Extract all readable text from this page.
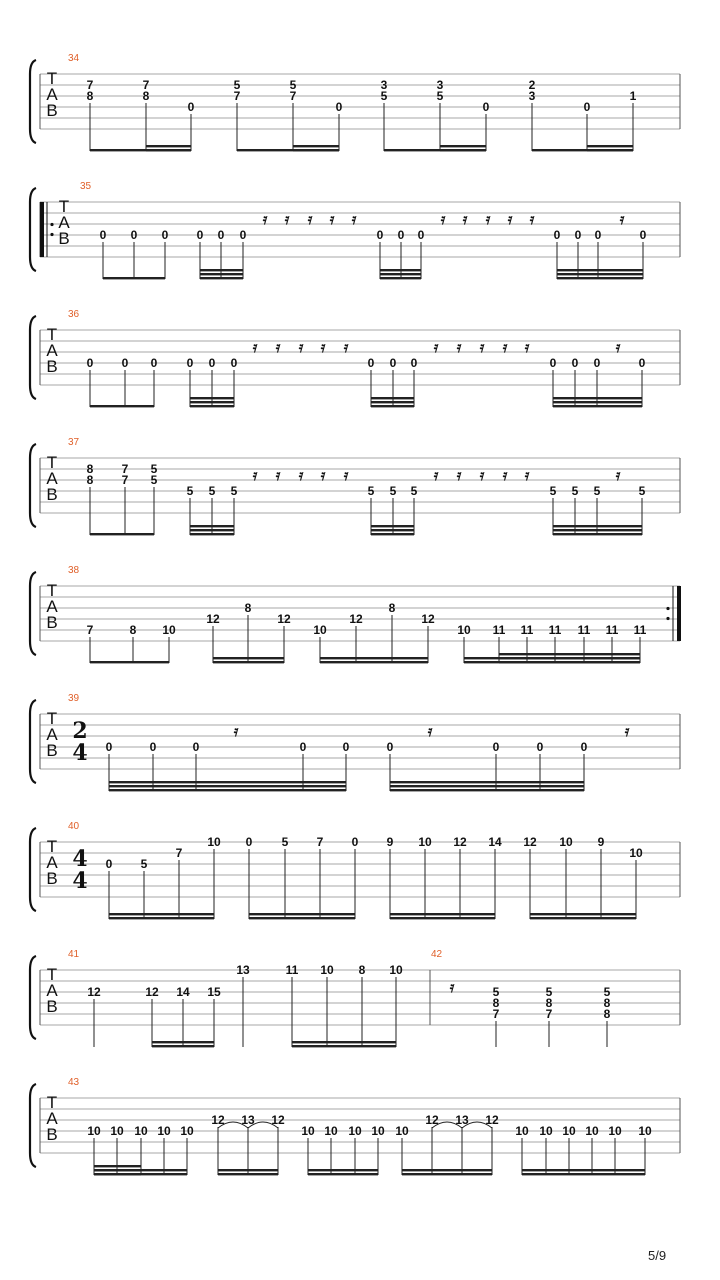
T
A
B
34
7
8
7
8
0
5
7
5
7
0
3
5
3
5
0
2
3
0
1
T
A
B
35
0 0 0 0 0 0	0 0 0	0 0 0	0
𝄿 𝄿 𝄿 𝄿 𝄿	𝄿 𝄿 𝄿 𝄿 𝄿	𝄿
T
A
B
36
0 0 0 0 0 0	0 0 0	0 0 0	0
𝄿 𝄿 𝄿 𝄿 𝄿	𝄿 𝄿 𝄿 𝄿 𝄿	𝄿
T
A
B
37
8
8
7
7
5
5
5 5 5	5 5 5	5 5 5	5
𝄿 𝄿 𝄿 𝄿 𝄿	𝄿 𝄿 𝄿 𝄿 𝄿	𝄿
T
A
B
38
7	8 10
12
8
12
10
12
8
12
10 11 11 11 11 11 11
T
A
B
39
2
4 0	0	0	0	0	0	0	0	0
𝄿	𝄿	𝄿
T
A
B
40
4
4
0 5
7
10 0 5 7 0 9 10 12 14 12 10 9
10
T
A
B
41	42
12	12 14 15
13	11 10 8 10
5
8
7
5
8
7
5
8
8
𝄿
T
A
B
43
10 10 10 10 10
12 13 12
10 10 10 10 10
12 13 12
10 10 10 10 10 10
5/9
